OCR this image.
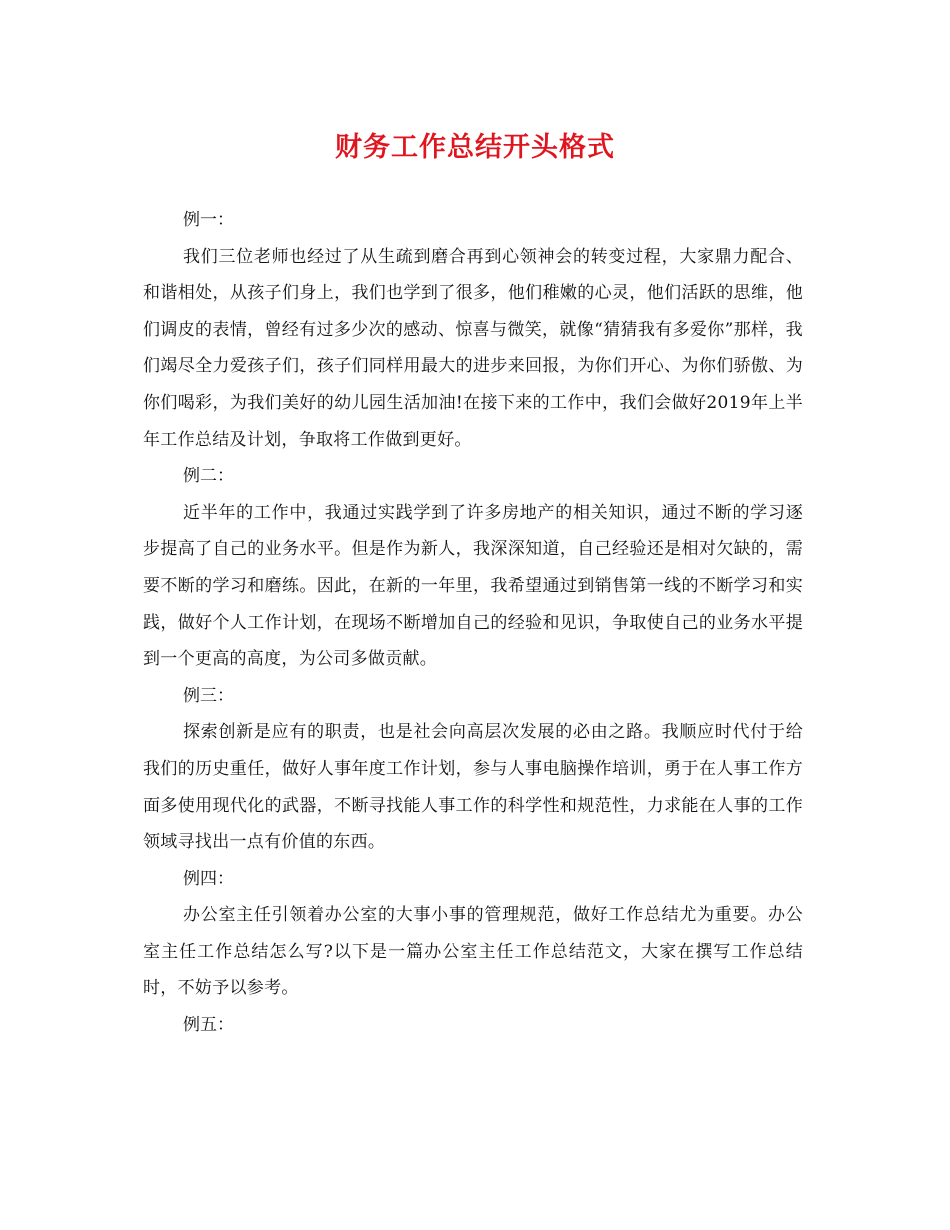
财务工作总结开头格式

例一：

我们三位老师也经过了从生疏到磨合再到心领神会的转变过程，大家鼎力配合、和谐相处，从孩子们身上，我们也学到了很多，他们稚嫩的心灵，他们活跃的思维，他们调皮的表情，曾经有过多少次的感动、惊喜与微笑，就像“猜猜我有多爱你”那样，我们竭尽全力爱孩子们，孩子们同样用最大的进步来回报，为你们开心、为你们骄傲、为你们喝彩，为我们美好的幼儿园生活加油!在接下来的工作中，我们会做好2019年上半年工作总结及计划，争取将工作做到更好。

例二：

近半年的工作中，我通过实践学到了许多房地产的相关知识，通过不断的学习逐步提高了自己的业务水平。但是作为新人，我深深知道，自己经验还是相对欠缺的，需要不断的学习和磨练。因此，在新的一年里，我希望通过到销售第一线的不断学习和实践，做好个人工作计划，在现场不断增加自己的经验和见识，争取使自己的业务水平提到一个更高的高度，为公司多做贡献。

例三：

探索创新是应有的职责，也是社会向高层次发展的必由之路。我顺应时代付于给我们的历史重任，做好人事年度工作计划，参与人事电脑操作培训，勇于在人事工作方面多使用现代化的武器，不断寻找能人事工作的科学性和规范性，力求能在人事的工作领域寻找出一点有价值的东西。

例四：

办公室主任引领着办公室的大事小事的管理规范，做好工作总结尤为重要。办公室主任工作总结怎么写?以下是一篇办公室主任工作总结范文，大家在撰写工作总结时，不妨予以参考。

例五：
